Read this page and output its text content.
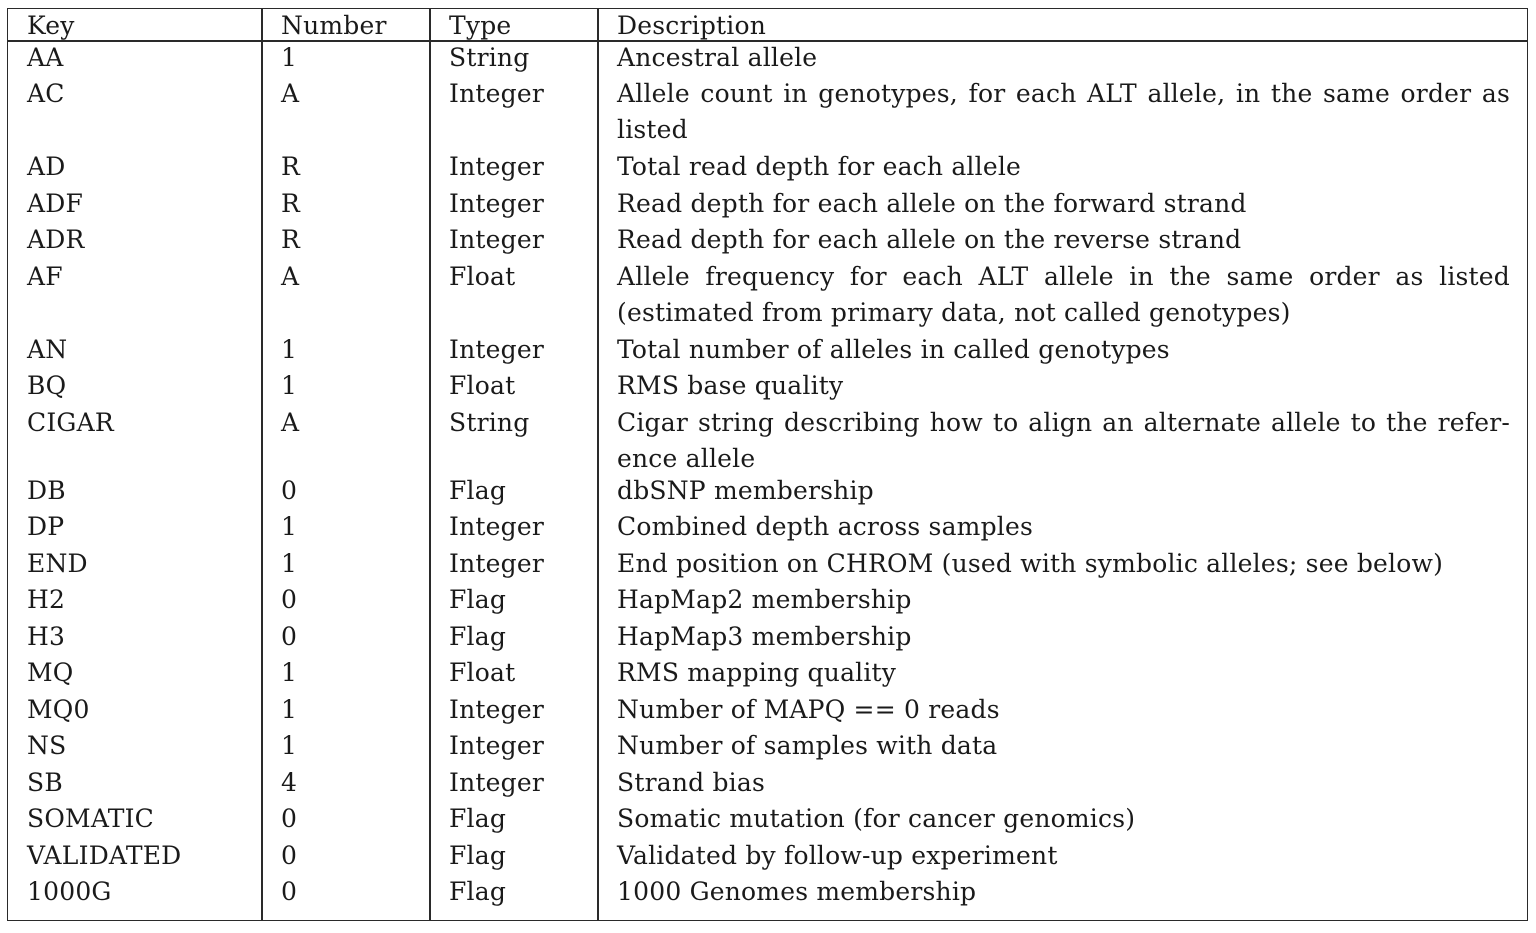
Key	Number	Type	Description
AA	1	String	Ancestral allele
AC	A	Integer	Allele count in genotypes, for each ALT allele, in the same order as listed
AD	R	Integer	Total read depth for each allele
ADF	R	Integer	Read depth for each allele on the forward strand
ADR	R	Integer	Read depth for each allele on the reverse strand
AF	A	Float	Allele frequency for each ALT allele in the same order as listed (estimated from primary data, not called genotypes)
AN	1	Integer	Total number of alleles in called genotypes
BQ	1	Float	RMS base quality
CIGAR	A	String	Cigar string describing how to align an alternate allele to the refer-ence allele
DB	0	Flag	dbSNP membership
DP	1	Integer	Combined depth across samples
END	1	Integer	End position on CHROM (used with symbolic alleles; see below)
H2	0	Flag	HapMap2 membership
H3	0	Flag	HapMap3 membership
MQ	1	Float	RMS mapping quality
MQ0	1	Integer	Number of MAPQ == 0 reads
NS	1	Integer	Number of samples with data
SB	4	Integer	Strand bias
SOMATIC	0	Flag	Somatic mutation (for cancer genomics)
VALIDATED	0	Flag	Validated by follow-up experiment
1000G	0	Flag	1000 Genomes membership
